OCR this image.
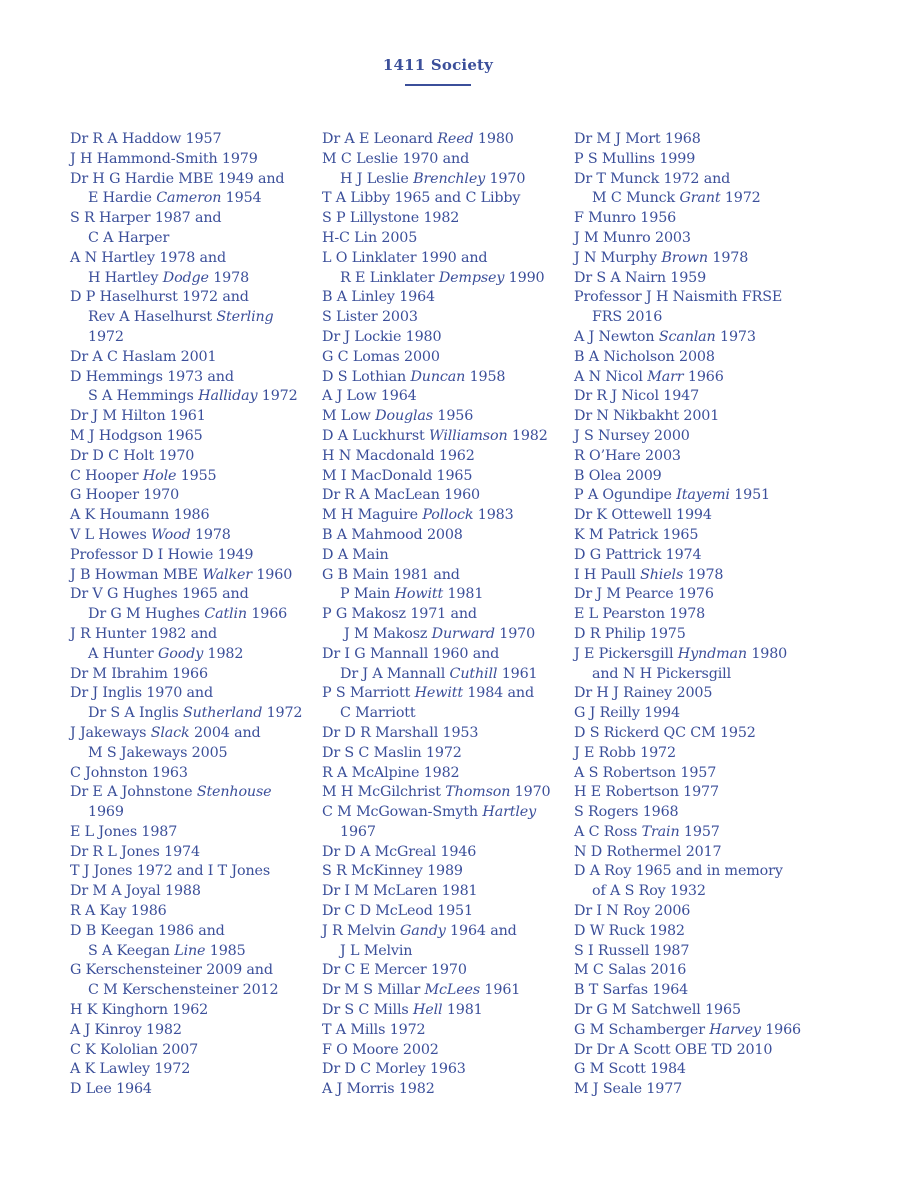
1411 Society
Dr R A Haddow 1957
J H Hammond-Smith 1979
Dr H G Hardie MBE 1949 and
E Hardie Cameron 1954
S R Harper 1987 and
C A Harper
A N Hartley 1978 and
H Hartley Dodge 1978
D P Haselhurst 1972 and
Rev A Haselhurst Sterling
1972
Dr A C Haslam 2001
D Hemmings 1973 and
S A Hemmings Halliday 1972
Dr J M Hilton 1961
M J Hodgson 1965
Dr D C Holt 1970
C Hooper Hole 1955
G Hooper 1970
A K Houmann 1986
V L Howes Wood 1978
Professor D I Howie 1949
J B Howman MBE Walker 1960
Dr V G Hughes 1965 and
Dr G M Hughes Catlin 1966
J R Hunter 1982 and
A Hunter Goody 1982
Dr M Ibrahim 1966
Dr J Inglis 1970 and
Dr S A Inglis Sutherland 1972
J Jakeways Slack 2004 and
M S Jakeways 2005
C Johnston 1963
Dr E A Johnstone Stenhouse
1969
E L Jones 1987
Dr R L Jones 1974
T J Jones 1972 and I T Jones
Dr M A Joyal 1988
R A Kay 1986
D B Keegan 1986 and
S A Keegan Line 1985
G Kerschensteiner 2009 and
C M Kerschensteiner 2012
H K Kinghorn 1962
A J Kinroy 1982
C K Kololian 2007
A K Lawley 1972
D Lee 1964
Dr A E Leonard Reed 1980
M C Leslie 1970 and
H J Leslie Brenchley 1970
T A Libby 1965 and C Libby
S P Lillystone 1982
H-C Lin 2005
L O Linklater 1990 and
R E Linklater Dempsey 1990
B A Linley 1964
S Lister 2003
Dr J Lockie 1980
G C Lomas 2000
D S Lothian Duncan 1958
A J Low 1964
M Low Douglas 1956
D A Luckhurst Williamson 1982
H N Macdonald 1962
M I MacDonald 1965
Dr R A MacLean 1960
M H Maguire Pollock 1983
B A Mahmood 2008
D A Main
G B Main 1981 and
P Main Howitt 1981
P G Makosz 1971 and
J M Makosz Durward 1970
Dr I G Mannall 1960 and
Dr J A Mannall Cuthill 1961
P S Marriott Hewitt 1984 and
C Marriott
Dr D R Marshall 1953
Dr S C Maslin 1972
R A McAlpine 1982
M H McGilchrist Thomson 1970
C M McGowan-Smyth Hartley
1967
Dr D A McGreal 1946
S R McKinney 1989
Dr I M McLaren 1981
Dr C D McLeod 1951
J R Melvin Gandy 1964 and
J L Melvin
Dr C E Mercer 1970
Dr M S Millar McLees 1961
Dr S C Mills Hell 1981
T A Mills 1972
F O Moore 2002
Dr D C Morley 1963
A J Morris 1982
Dr M J Mort 1968
P S Mullins 1999
Dr T Munck 1972 and
M C Munck Grant 1972
F Munro 1956
J M Munro 2003
J N Murphy Brown 1978
Dr S A Nairn 1959
Professor J H Naismith FRSE
FRS 2016
A J Newton Scanlan 1973
B A Nicholson 2008
A N Nicol Marr 1966
Dr R J Nicol 1947
Dr N Nikbakht 2001
J S Nursey 2000
R O’Hare 2003
B Olea 2009
P A Ogundipe Itayemi 1951
Dr K Ottewell 1994
K M Patrick 1965
D G Pattrick 1974
I H Paull Shiels 1978
Dr J M Pearce 1976
E L Pearston 1978
D R Philip 1975
J E Pickersgill Hyndman 1980
and N H Pickersgill
Dr H J Rainey 2005
G J Reilly 1994
D S Rickerd QC CM 1952
J E Robb 1972
A S Robertson 1957
H E Robertson 1977
S Rogers 1968
A C Ross Train 1957
N D Rothermel 2017
D A Roy 1965 and in memory
of A S Roy 1932
Dr I N Roy 2006
D W Ruck 1982
S I Russell 1987
M C Salas 2016
B T Sarfas 1964
Dr G M Satchwell 1965
G M Schamberger Harvey 1966
Dr Dr A Scott OBE TD 2010
G M Scott 1984
M J Seale 1977
